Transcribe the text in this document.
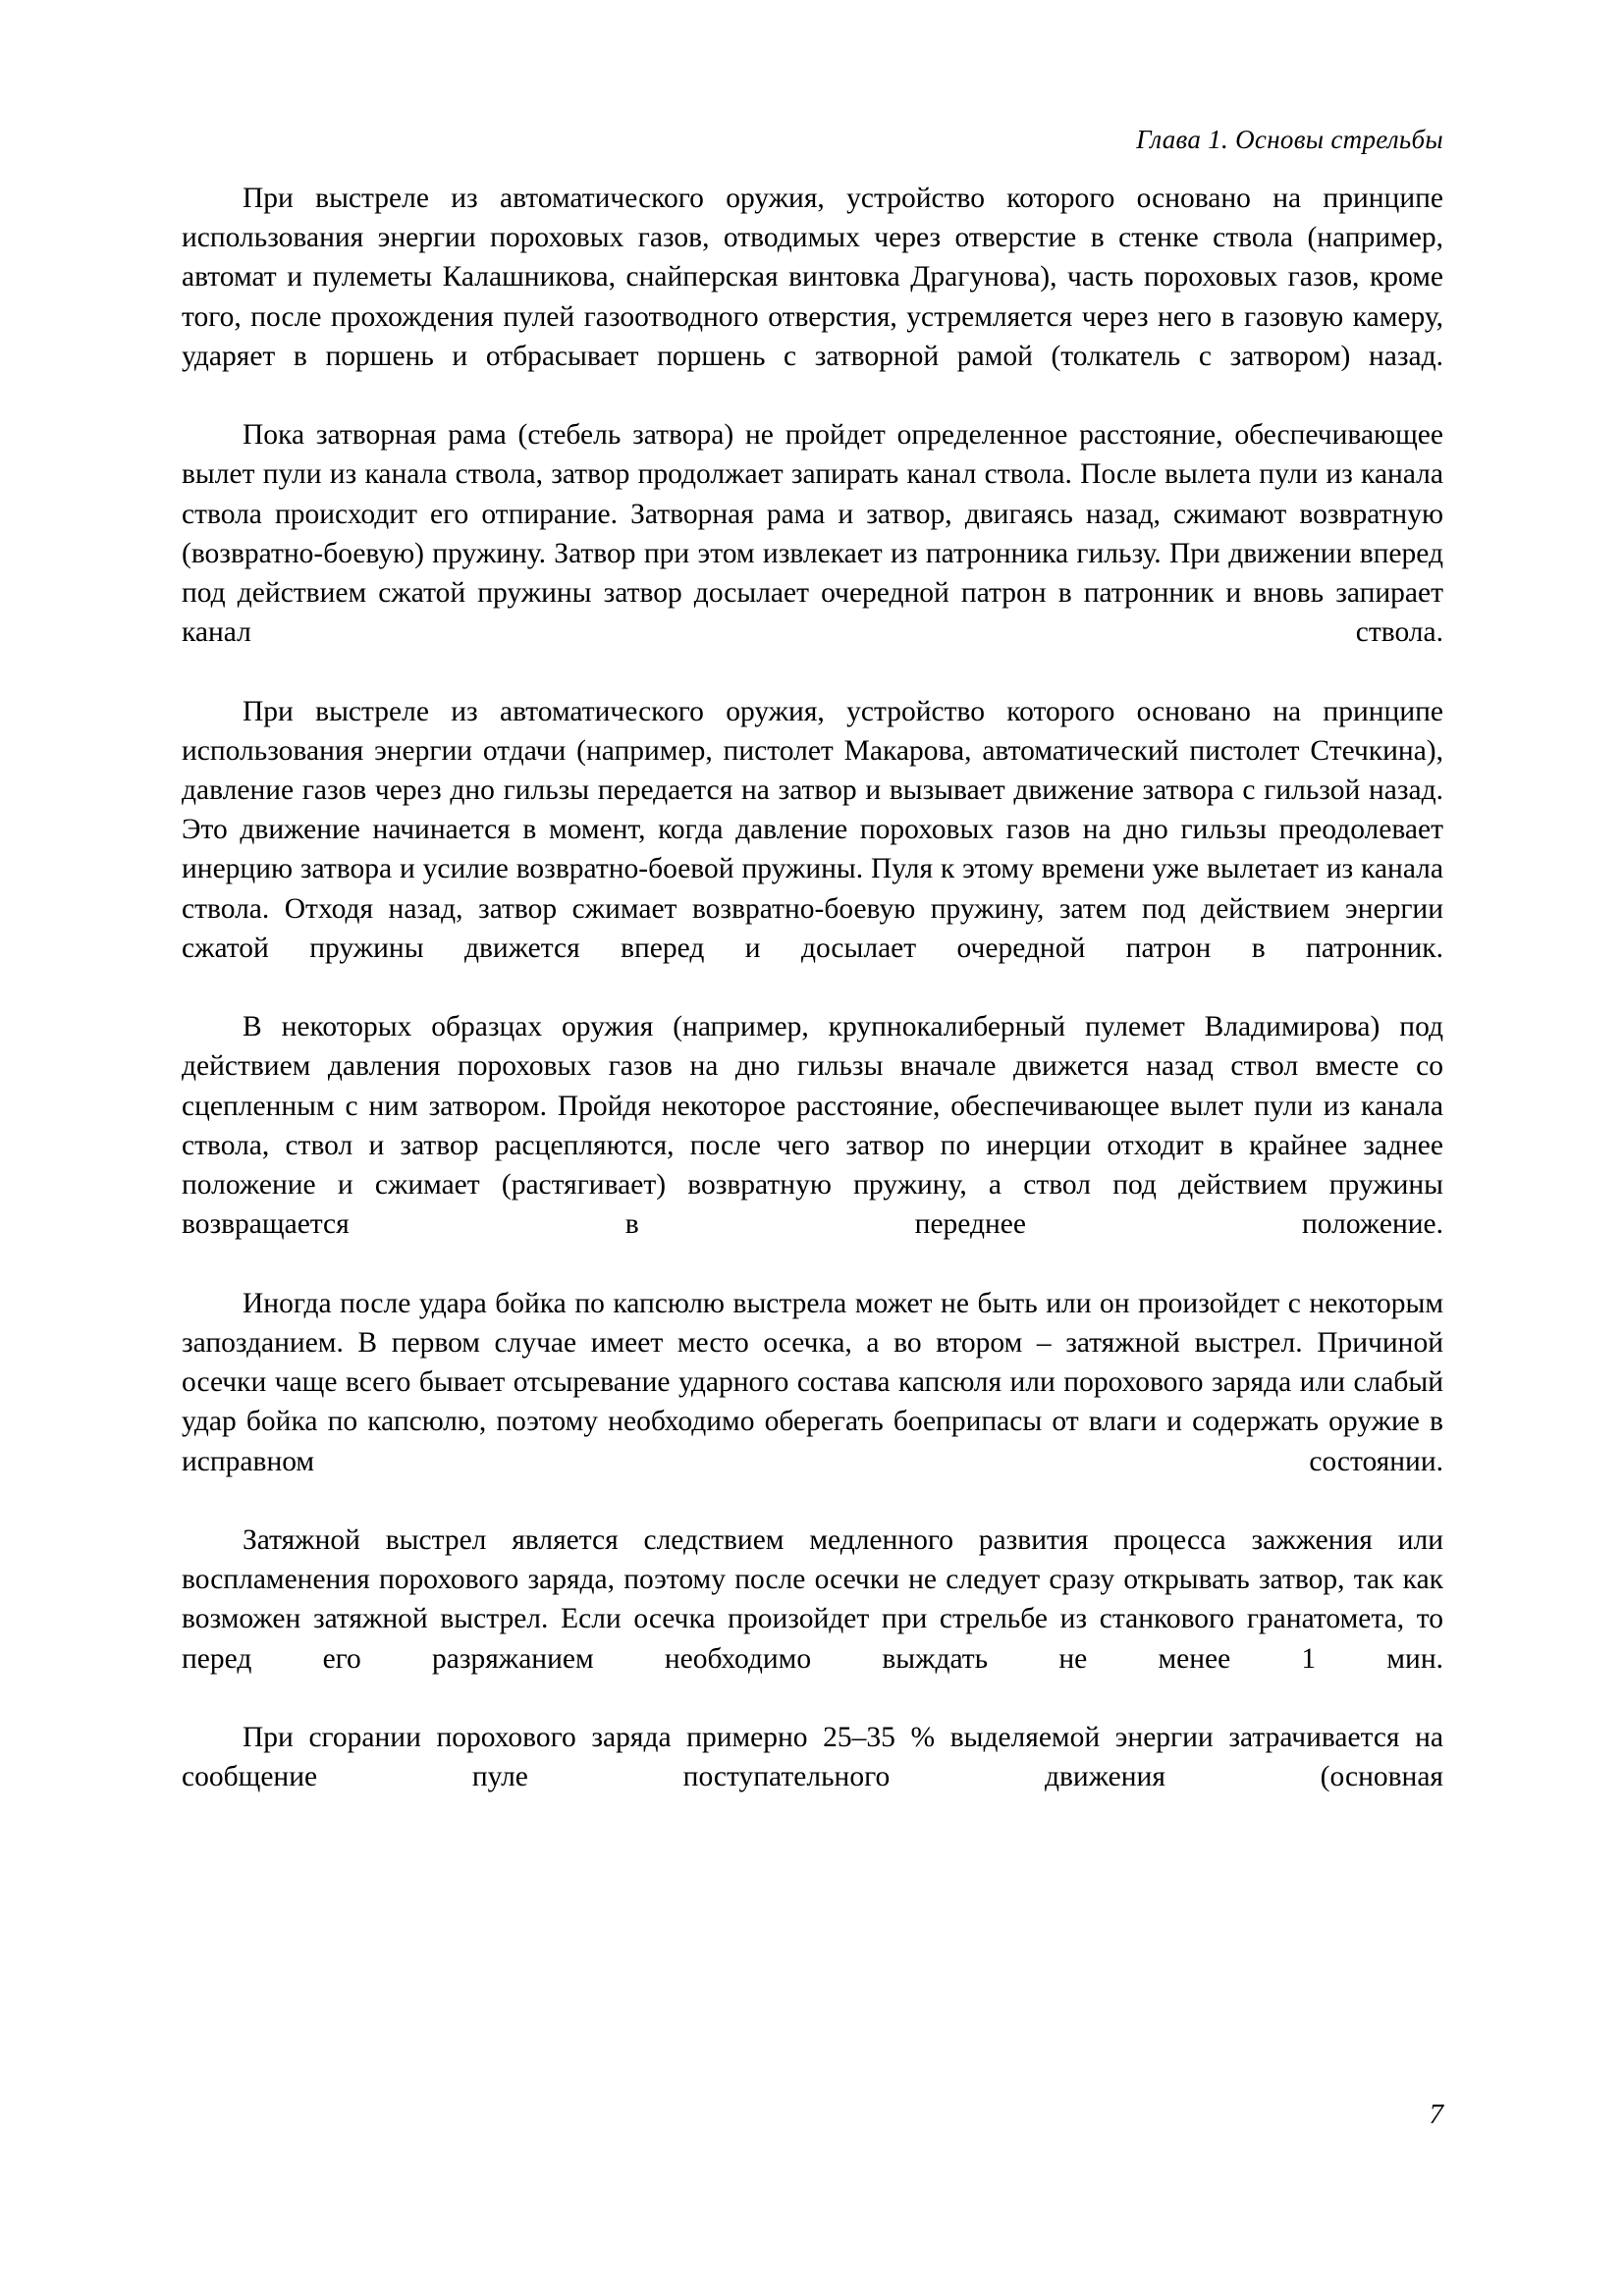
Глава 1. Основы стрельбы

При выстреле из автоматического оружия, устройство которого основано на принципе использования энергии пороховых газов, отводимых через отверстие в стенке ствола (например, автомат и пулеметы Калашникова, снайперская винтовка Драгунова), часть пороховых газов, кроме того, после прохождения пулей газоотводного отверстия, устремляется через него в газовую камеру, ударяет в поршень и отбрасывает поршень с затворной рамой (толкатель с затвором) назад.

Пока затворная рама (стебель затвора) не пройдет определенное расстояние, обеспечивающее вылет пули из канала ствола, затвор продолжает запирать канал ствола. После вылета пули из канала ствола происходит его отпирание. Затворная рама и затвор, двигаясь назад, сжимают возвратную (возвратно-боевую) пружину. Затвор при этом извлекает из патронника гильзу. При движении вперед под действием сжатой пружины затвор досылает очередной патрон в патронник и вновь запирает канал ствола.

При выстреле из автоматического оружия, устройство которого основано на принципе использования энергии отдачи (например, пистолет Макарова, автоматический пистолет Стечкина), давление газов через дно гильзы передается на затвор и вызывает движение затвора с гильзой назад. Это движение начинается в момент, когда давление пороховых газов на дно гильзы преодолевает инерцию затвора и усилие возвратно-боевой пружины. Пуля к этому времени уже вылетает из канала ствола. Отходя назад, затвор сжимает возвратно-боевую пружину, затем под действием энергии сжатой пружины движется вперед и досылает очередной патрон в патронник.

В некоторых образцах оружия (например, крупнокалиберный пулемет Владимирова) под действием давления пороховых газов на дно гильзы вначале движется назад ствол вместе со сцепленным с ним затвором. Пройдя некоторое расстояние, обеспечивающее вылет пули из канала ствола, ствол и затвор расцепляются, после чего затвор по инерции отходит в крайнее заднее положение и сжимает (растягивает) возвратную пружину, а ствол под действием пружины возвращается в переднее положение.

Иногда после удара бойка по капсюлю выстрела может не быть или он произойдет с некоторым запозданием. В первом случае имеет место осечка, а во втором – затяжной выстрел. Причиной осечки чаще всего бывает отсыревание ударного состава капсюля или порохового заряда или слабый удар бойка по капсюлю, поэтому необходимо оберегать боеприпасы от влаги и содержать оружие в исправном состоянии.

Затяжной выстрел является следствием медленного развития процесса зажжения или воспламенения порохового заряда, поэтому после осечки не следует сразу открывать затвор, так как возможен затяжной выстрел. Если осечка произойдет при стрельбе из станкового гранатомета, то перед его разряжанием необходимо выждать не менее 1 мин.

При сгорании порохового заряда примерно 25–35 % выделяемой энергии затрачивается на сообщение пуле поступательного движения (основная

7
